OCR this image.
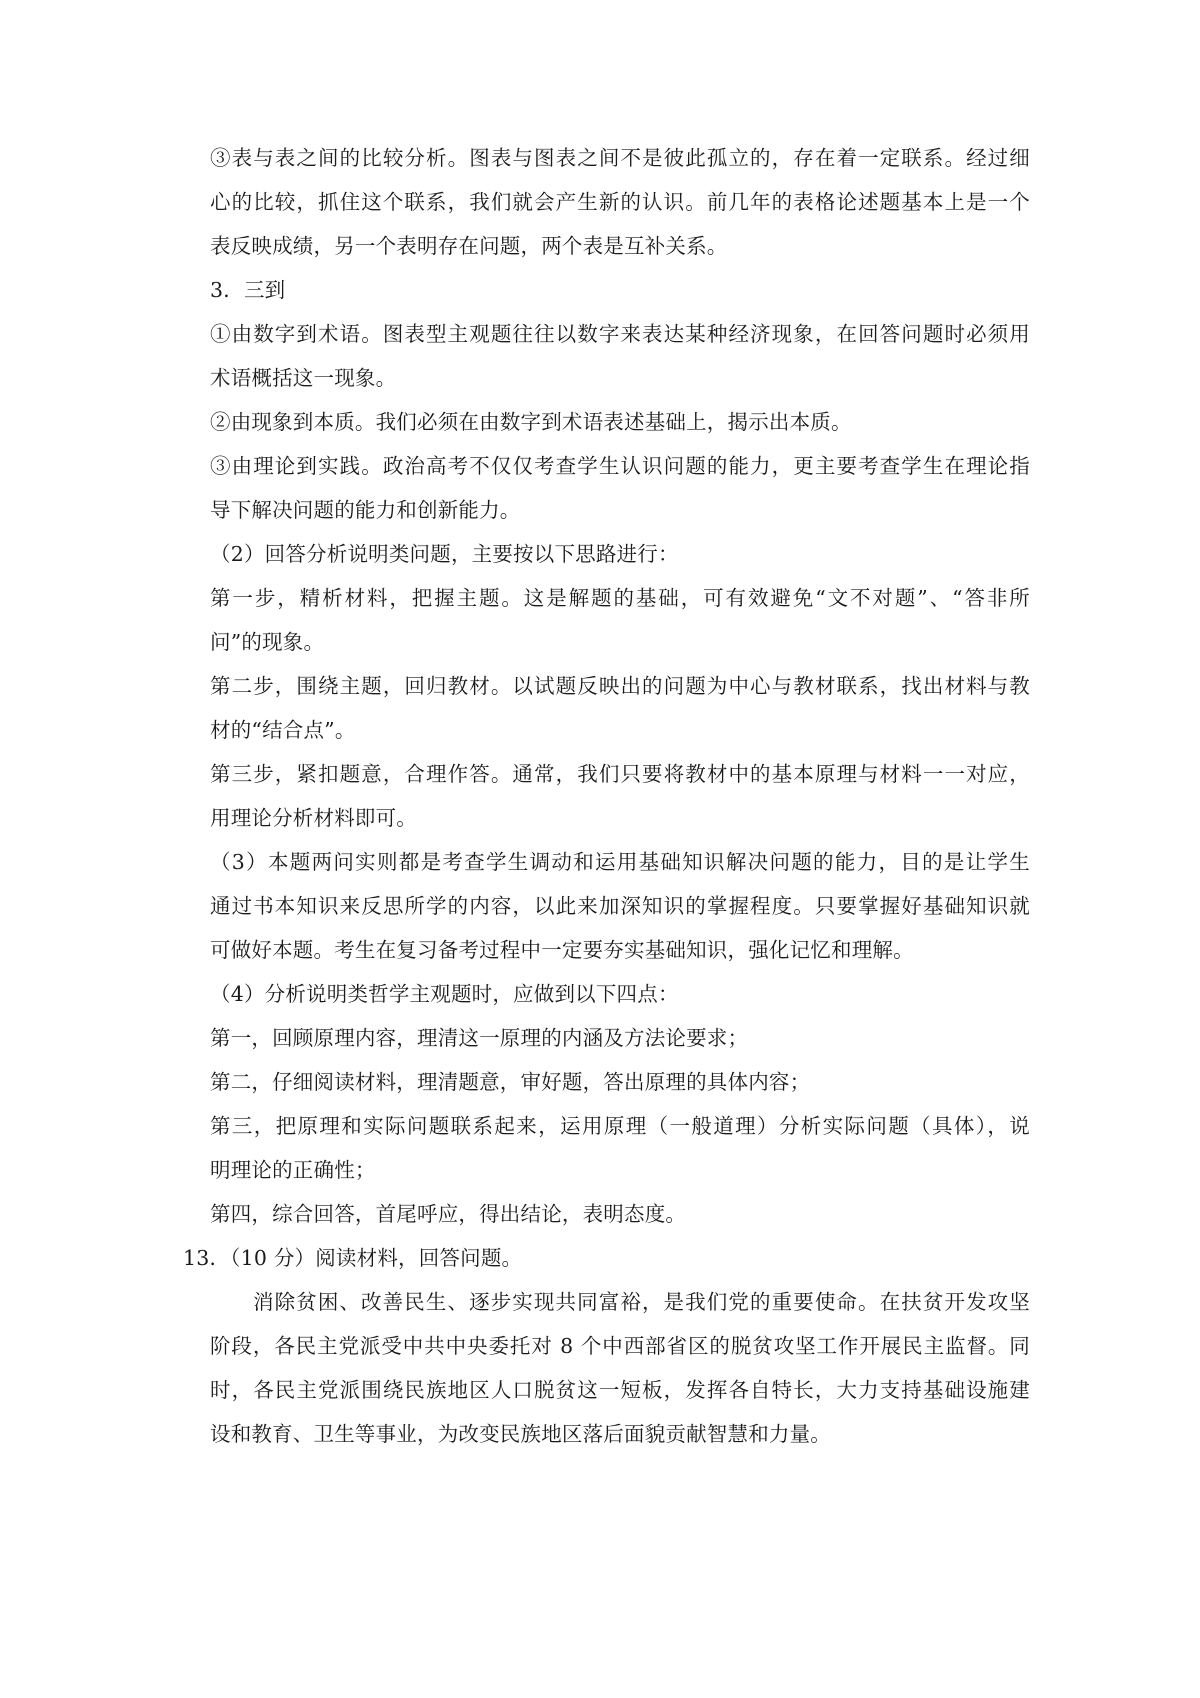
③表与表之间的比较分析。图表与图表之间不是彼此孤立的，存在着一定联系。经过细
心的比较，抓住这个联系，我们就会产生新的认识。前几年的表格论述题基本上是一个
表反映成绩，另一个表明存在问题，两个表是互补关系。
3．三到
①由数字到术语。图表型主观题往往以数字来表达某种经济现象，在回答问题时必须用
术语概括这一现象。
②由现象到本质。我们必须在由数字到术语表述基础上，揭示出本质。
③由理论到实践。政治高考不仅仅考查学生认识问题的能力，更主要考查学生在理论指
导下解决问题的能力和创新能力。
（2）回答分析说明类问题，主要按以下思路进行：
第一步，精析材料，把握主题。这是解题的基础，可有效避免“文不对题”、“答非所
问”的现象。
第二步，围绕主题，回归教材。以试题反映出的问题为中心与教材联系，找出材料与教
材的“结合点”。
第三步，紧扣题意，合理作答。通常，我们只要将教材中的基本原理与材料一一对应，
用理论分析材料即可。
（3）本题两问实则都是考查学生调动和运用基础知识解决问题的能力，目的是让学生
通过书本知识来反思所学的内容，以此来加深知识的掌握程度。只要掌握好基础知识就
可做好本题。考生在复习备考过程中一定要夯实基础知识，强化记忆和理解。
（4）分析说明类哲学主观题时，应做到以下四点：
第一，回顾原理内容，理清这一原理的内涵及方法论要求；
第二，仔细阅读材料，理清题意，审好题，答出原理的具体内容；
第三，把原理和实际问题联系起来，运用原理（一般道理）分析实际问题（具体），说
明理论的正确性；
第四，综合回答，首尾呼应，得出结论，表明态度。
13．（10 分）阅读材料，回答问题。
消除贫困、改善民生、逐步实现共同富裕，是我们党的重要使命。在扶贫开发攻坚
阶段，各民主党派受中共中央委托对 8 个中西部省区的脱贫攻坚工作开展民主监督。同
时，各民主党派围绕民族地区人口脱贫这一短板，发挥各自特长，大力支持基础设施建
设和教育、卫生等事业，为改变民族地区落后面貌贡献智慧和力量。
